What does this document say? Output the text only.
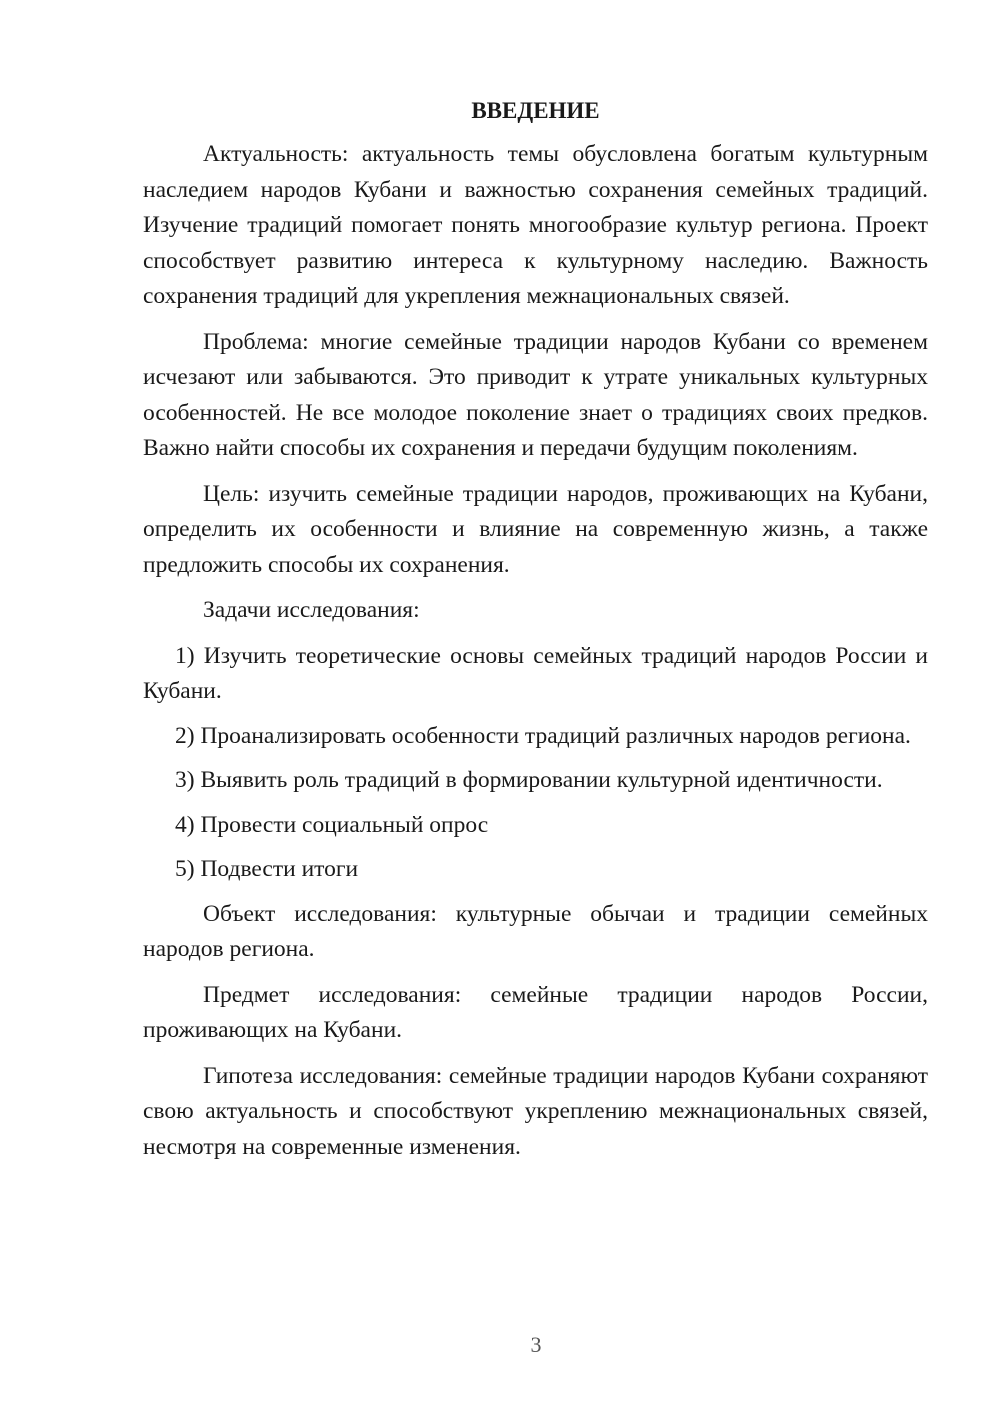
ВВЕДЕНИЕ

Актуальность: актуальность темы обусловлена богатым культурным наследием народов Кубани и важностью сохранения семейных традиций. Изучение традиций помогает понять многообразие культур региона. Проект способствует развитию интереса к культурному наследию. Важность сохранения традиций для укрепления межнациональных связей.

Проблема: многие семейные традиции народов Кубани со временем исчезают или забываются. Это приводит к утрате уникальных культурных особенностей. Не все молодое поколение знает о традициях своих предков. Важно найти способы их сохранения и передачи будущим поколениям.

Цель: изучить семейные традиции народов, проживающих на Кубани, определить их особенности и влияние на современную жизнь, а также предложить способы их сохранения.

Задачи исследования:

1) Изучить теоретические основы семейных традиций народов России и Кубани.

2) Проанализировать особенности традиций различных народов региона.

3) Выявить роль традиций в формировании культурной идентичности.

4) Провести социальный опрос

5) Подвести итоги

Объект исследования: культурные обычаи и традиции семейных народов региона.

Предмет исследования: семейные традиции народов России, проживающих на Кубани.

Гипотеза исследования: семейные традиции народов Кубани сохраняют свою актуальность и способствуют укреплению межнациональных связей, несмотря на современные изменения.

3
